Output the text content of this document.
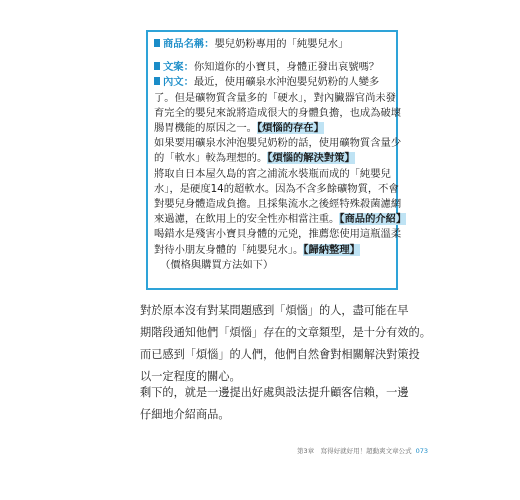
商品名稱：嬰兒奶粉專用的「純嬰兒水」
文案：你知道你的小寶貝，身體正發出哀號嗎？
內文：最近，使用礦泉水沖泡嬰兒奶粉的人變多
了。但是礦物質含量多的「硬水」，對內臟器官尚未發
育完全的嬰兒來說將造成很大的身體負擔，也成為破壞
腸胃機能的原因之一。【煩惱的存在】
如果要用礦泉水沖泡嬰兒奶粉的話，使用礦物質含量少
的「軟水」較為理想的。【煩惱的解決對策】
將取自日本屋久島的宮之浦流水裝瓶而成的「純嬰兒
水」，是硬度14的超軟水。因為不含多餘礦物質，不會
對嬰兒身體造成負擔。且採集流水之後經特殊殺菌濾網
來過濾，在飲用上的安全性亦相當注重。【商品的介紹】
喝錯水是殘害小寶貝身體的元兇，推薦您使用這瓶溫柔
對待小朋友身體的「純嬰兒水」。【歸納整理】
（價格與購買方法如下）
對於原本沒有對某問題感到「煩惱」的人，盡可能在早
期階段通知他們「煩惱」存在的文章類型，是十分有效的。
而已感到「煩惱」的人們，他們自然會對相關解決對策投
以一定程度的關心。
剩下的，就是一邊提出好處與設法提升顧客信賴，一邊
仔細地介紹商品。
第3章　寫得好就好用！超動爽文章公式 073
